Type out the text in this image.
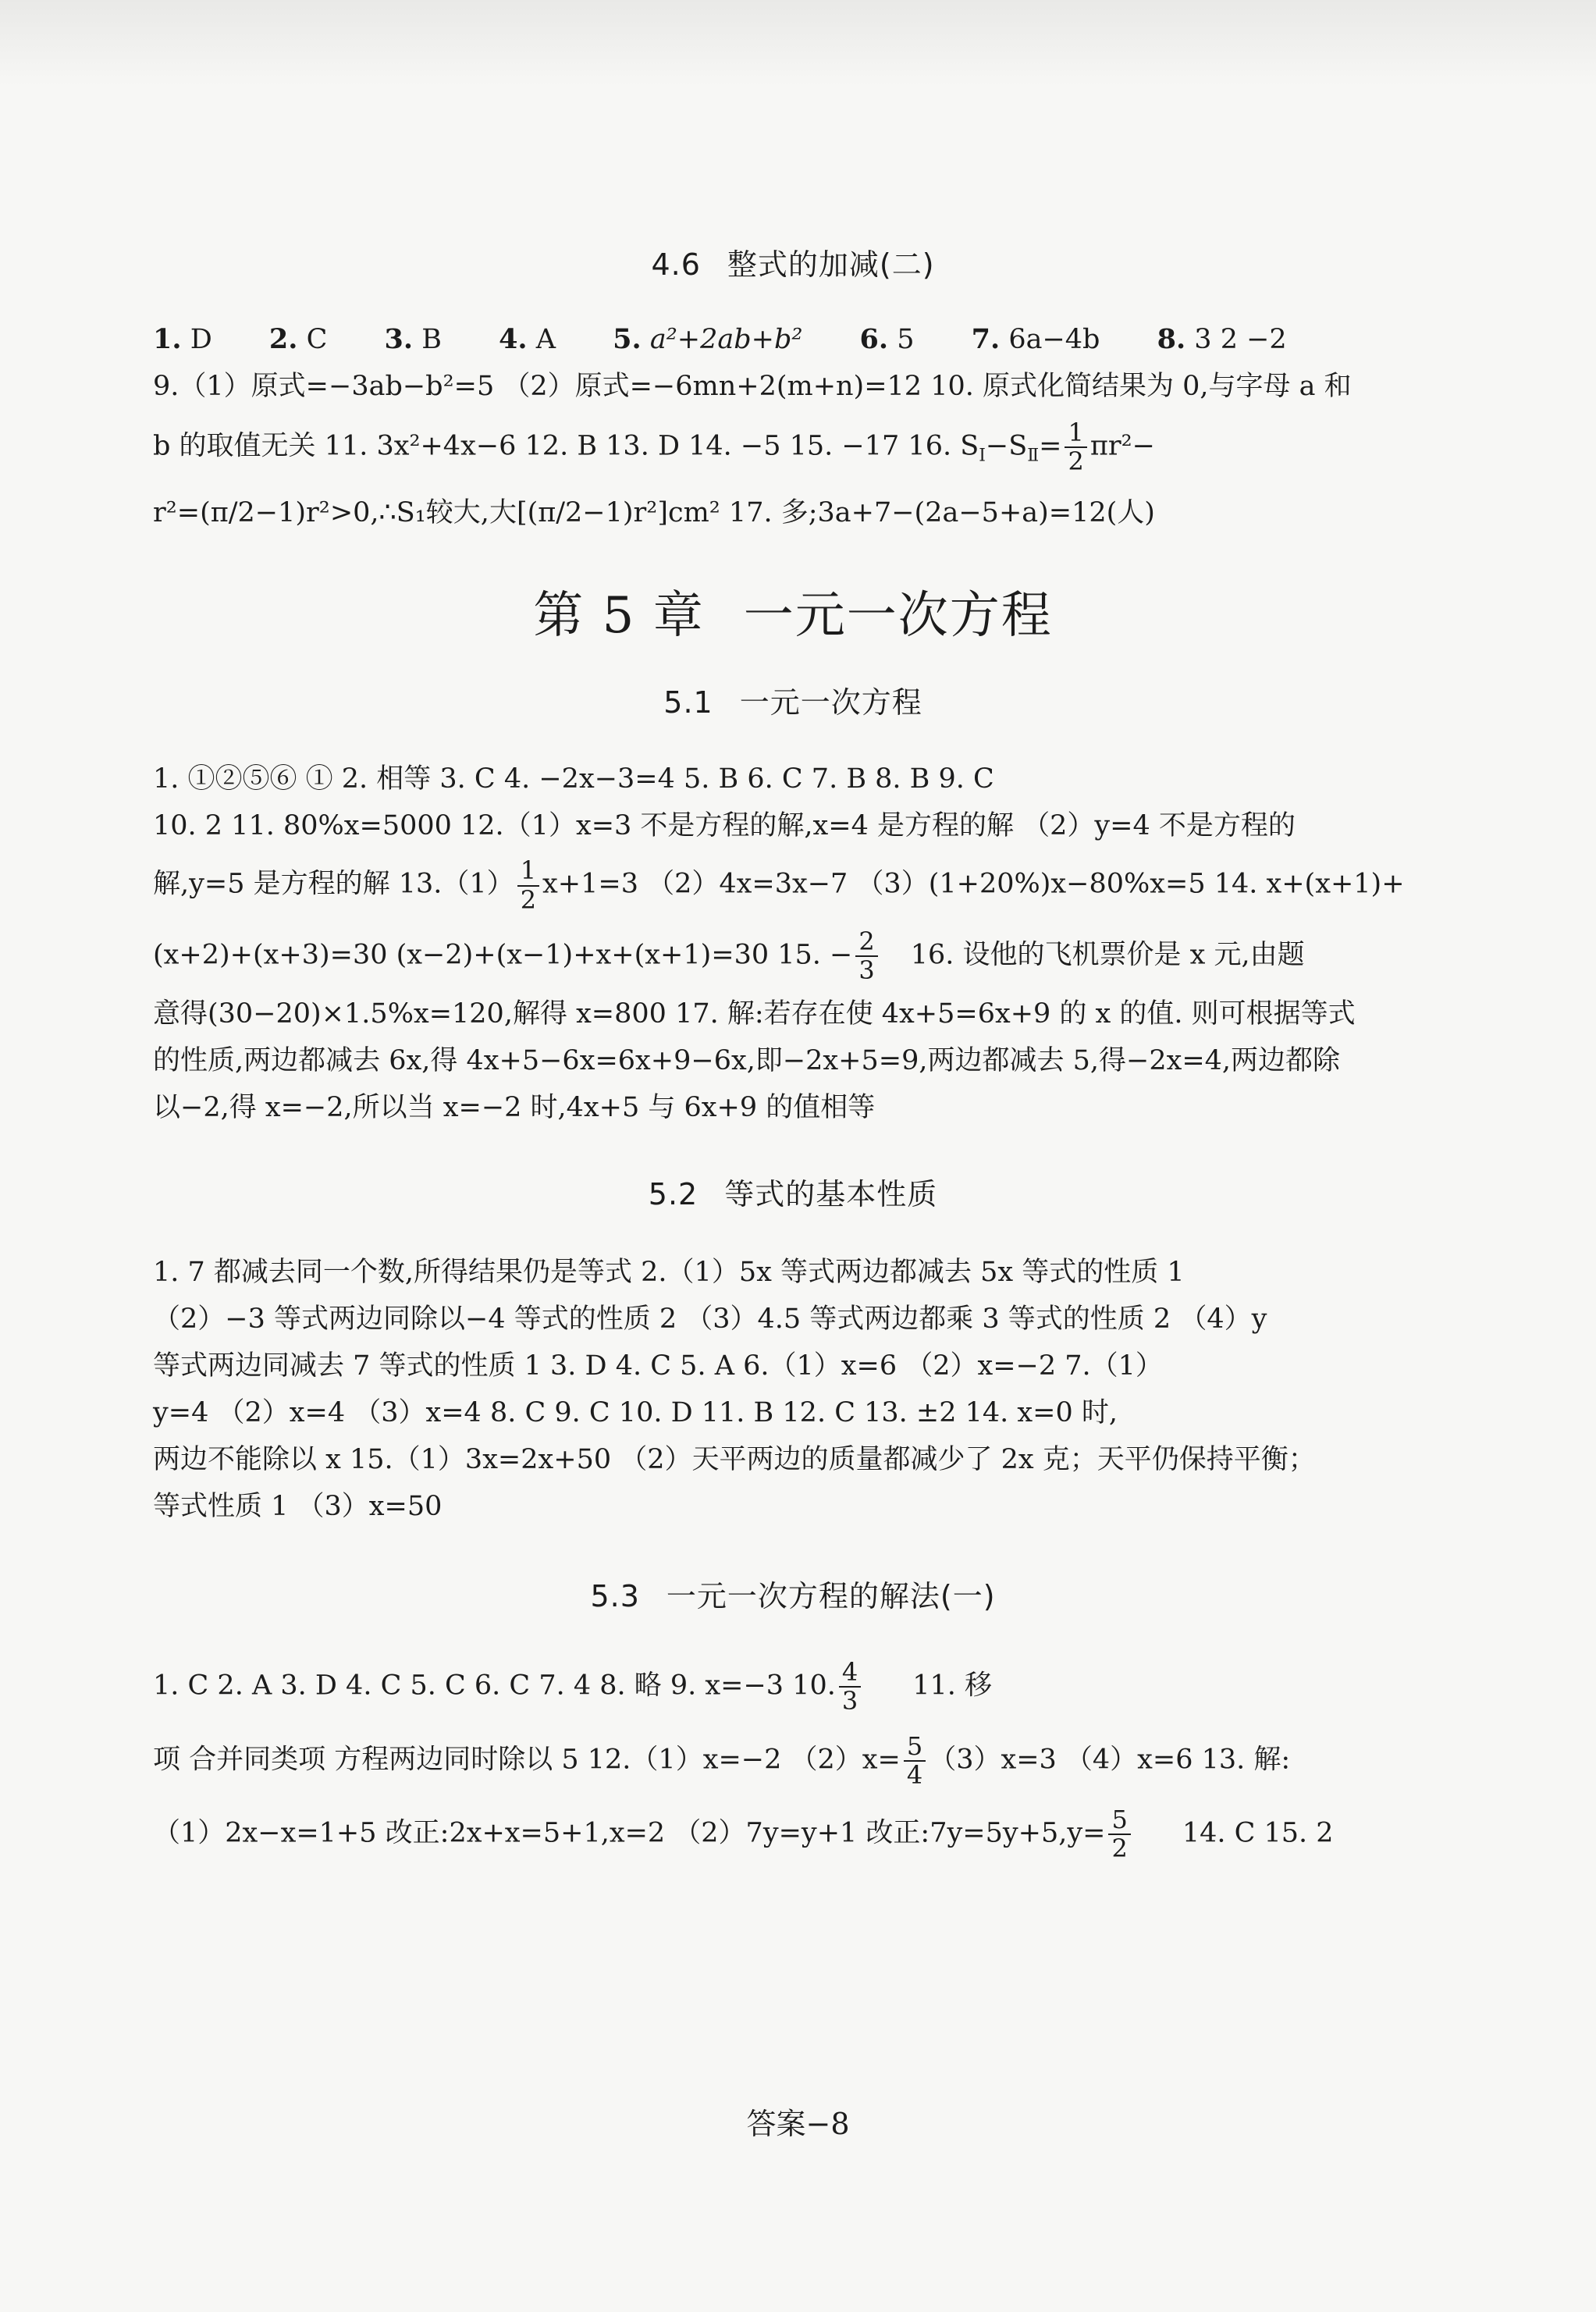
4.6 整式的加减(二)
1. D 2. C 3. B 4. A 5. a²+2ab+b² 6. 5 7. 6a−4b 8. 3 2 −2
9.（1）原式=−3ab−b²=5 （2）原式=−6mn+2(m+n)=12 10. 原式化简结果为 0,与字母 a 和
b 的取值无关 11. 3x²+4x−6 12. B 13. D 14. −5 15. −17 16. $S_Ⅰ-S_Ⅱ= \frac{1}{2} \pi r^2-$
r²=(π/2−1)r²>0,∴S₁较大,大[(π/2−1)r²]cm² 17. 多;3a+7−(2a−5+a)=12(人)
第 5 章 一元一次方程
5.1 一元一次方程
1. ①②⑤⑥ ① 2. 相等 3. C 4. −2x−3=4 5. B 6. C 7. B 8. B 9. C
10. 2 11. 80%x=5000 12.（1）x=3 不是方程的解,x=4 是方程的解 （2）y=4 不是方程的
解,y=5 是方程的解 $13.(1) \frac{1}{2} x+1=3$ （2）4x=3x−7 （3）(1+20%)x−80%x=5 14. x+(x+1)+
(x+2)+(x+3)=30 (x−2)+(x−1)+x+(x+1)=30 15. − $\frac{2}{3} 16$. 设他的飞机票价是 x 元,由题
意得(30−20)×1.5%x=120,解得 x=800 17. 解:若存在使 4x+5=6x+9 的 x 的值. 则可根据等式
的性质,两边都减去 6x,得 4x+5−6x=6x+9−6x,即−2x+5=9,两边都减去 5,得−2x=4,两边都除
以−2,得 x=−2,所以当 x=−2 时,4x+5 与 6x+9 的值相等
5.2 等式的基本性质
1. 7 都减去同一个数,所得结果仍是等式 2.（1）5x 等式两边都减去 5x 等式的性质 1
（2）−3 等式两边同除以−4 等式的性质 2 （3）4.5 等式两边都乘 3 等式的性质 2 （4）y
等式两边同减去 7 等式的性质 1 3. D 4. C 5. A 6.（1）x=6 （2）x=−2 7.（1）
y=4 （2）x=4 （3）x=4 8. C 9. C 10. D 11. B 12. C 13. ±2 14. x=0 时,
两边不能除以 x 15.（1）3x=2x+50 （2）天平两边的质量都减少了 2x 克；天平仍保持平衡；
等式性质 1 （3）x=50
5.3 一元一次方程的解法(一)
1. C 2. A 3. D 4. C 5. C 6. C 7. 4 8. 略 9. x=−3 10. $\frac{4}{3} 11$. 移
项 合并同类项 方程两边同时除以 5 12.（1）x=−2 $(2)x= \frac{5}{4} (3)x=3$ （4）x=6 13. 解:
（1）2x−x=1+5 改正:2x+x=5+1,x=2 （2）7y=y+1 改正:7y=5y+5,y= $\frac{5}{2} 14$. C 15. 2
答案−8
